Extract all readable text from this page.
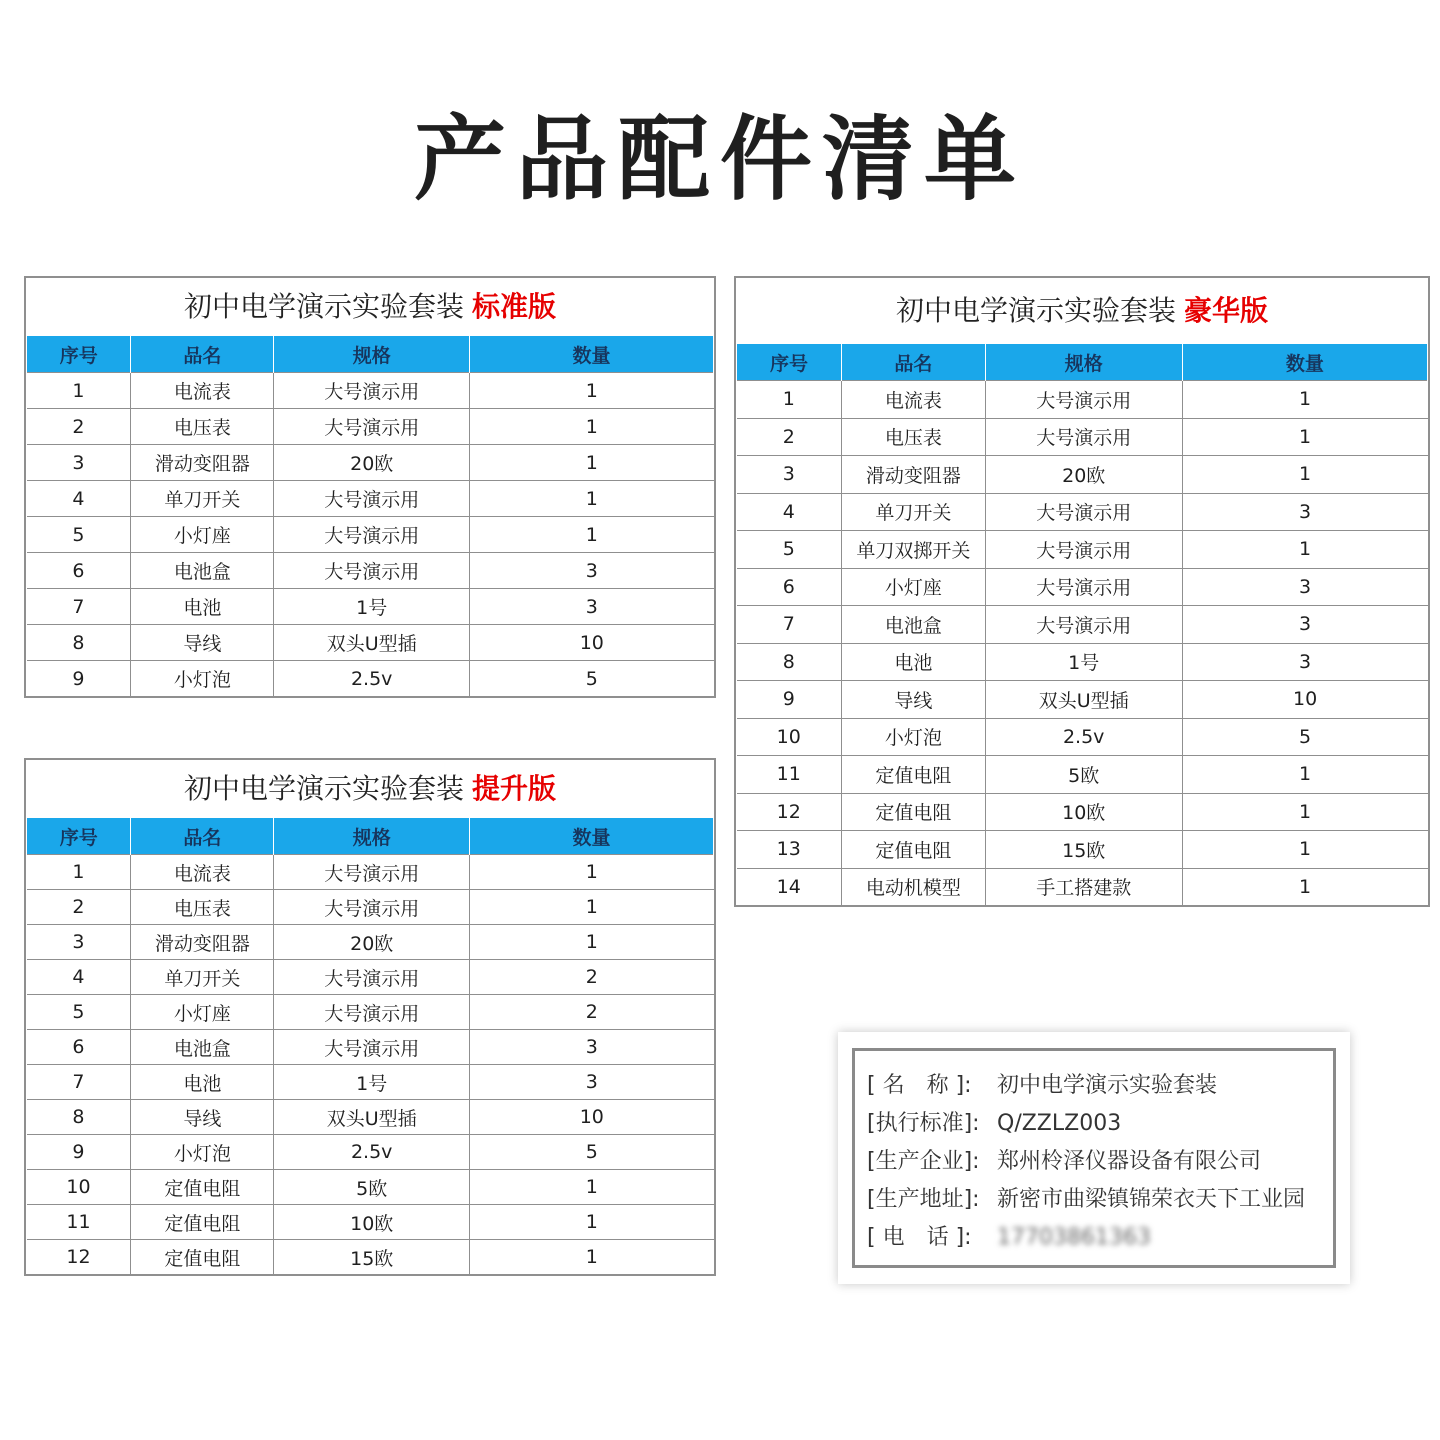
产品配件清单
初中电学演示实验套装 标准版
序号	品名	规格	数量
1	电流表	大号演示用	1
2	电压表	大号演示用	1
3	滑动变阻器	20欧	1
4	单刀开关	大号演示用	1
5	小灯座	大号演示用	1
6	电池盒	大号演示用	3
7	电池	1号	3
8	导线	双头U型插	10
9	小灯泡	2.5v	5
初中电学演示实验套装 提升版
序号	品名	规格	数量
1	电流表	大号演示用	1
2	电压表	大号演示用	1
3	滑动变阻器	20欧	1
4	单刀开关	大号演示用	2
5	小灯座	大号演示用	2
6	电池盒	大号演示用	3
7	电池	1号	3
8	导线	双头U型插	10
9	小灯泡	2.5v	5
10	定值电阻	5欧	1
11	定值电阻	10欧	1
12	定值电阻	15欧	1
初中电学演示实验套装 豪华版
序号	品名	规格	数量
1	电流表	大号演示用	1
2	电压表	大号演示用	1
3	滑动变阻器	20欧	1
4	单刀开关	大号演示用	3
5	单刀双掷开关	大号演示用	1
6	小灯座	大号演示用	3
7	电池盒	大号演示用	3
8	电池	1号	3
9	导线	双头U型插	10
10	小灯泡	2.5v	5
11	定值电阻	5欧	1
12	定值电阻	10欧	1
13	定值电阻	15欧	1
14	电动机模型	手工搭建款	1
[ 名　称 ]: 初中电学演示实验套装
[执行标准]: Q/ZZLZ003
[生产企业]: 郑州柃泽仪器设备有限公司
[生产地址]: 新密市曲梁镇锦荣衣天下工业园
[ 电　话 ]: 17703861363
